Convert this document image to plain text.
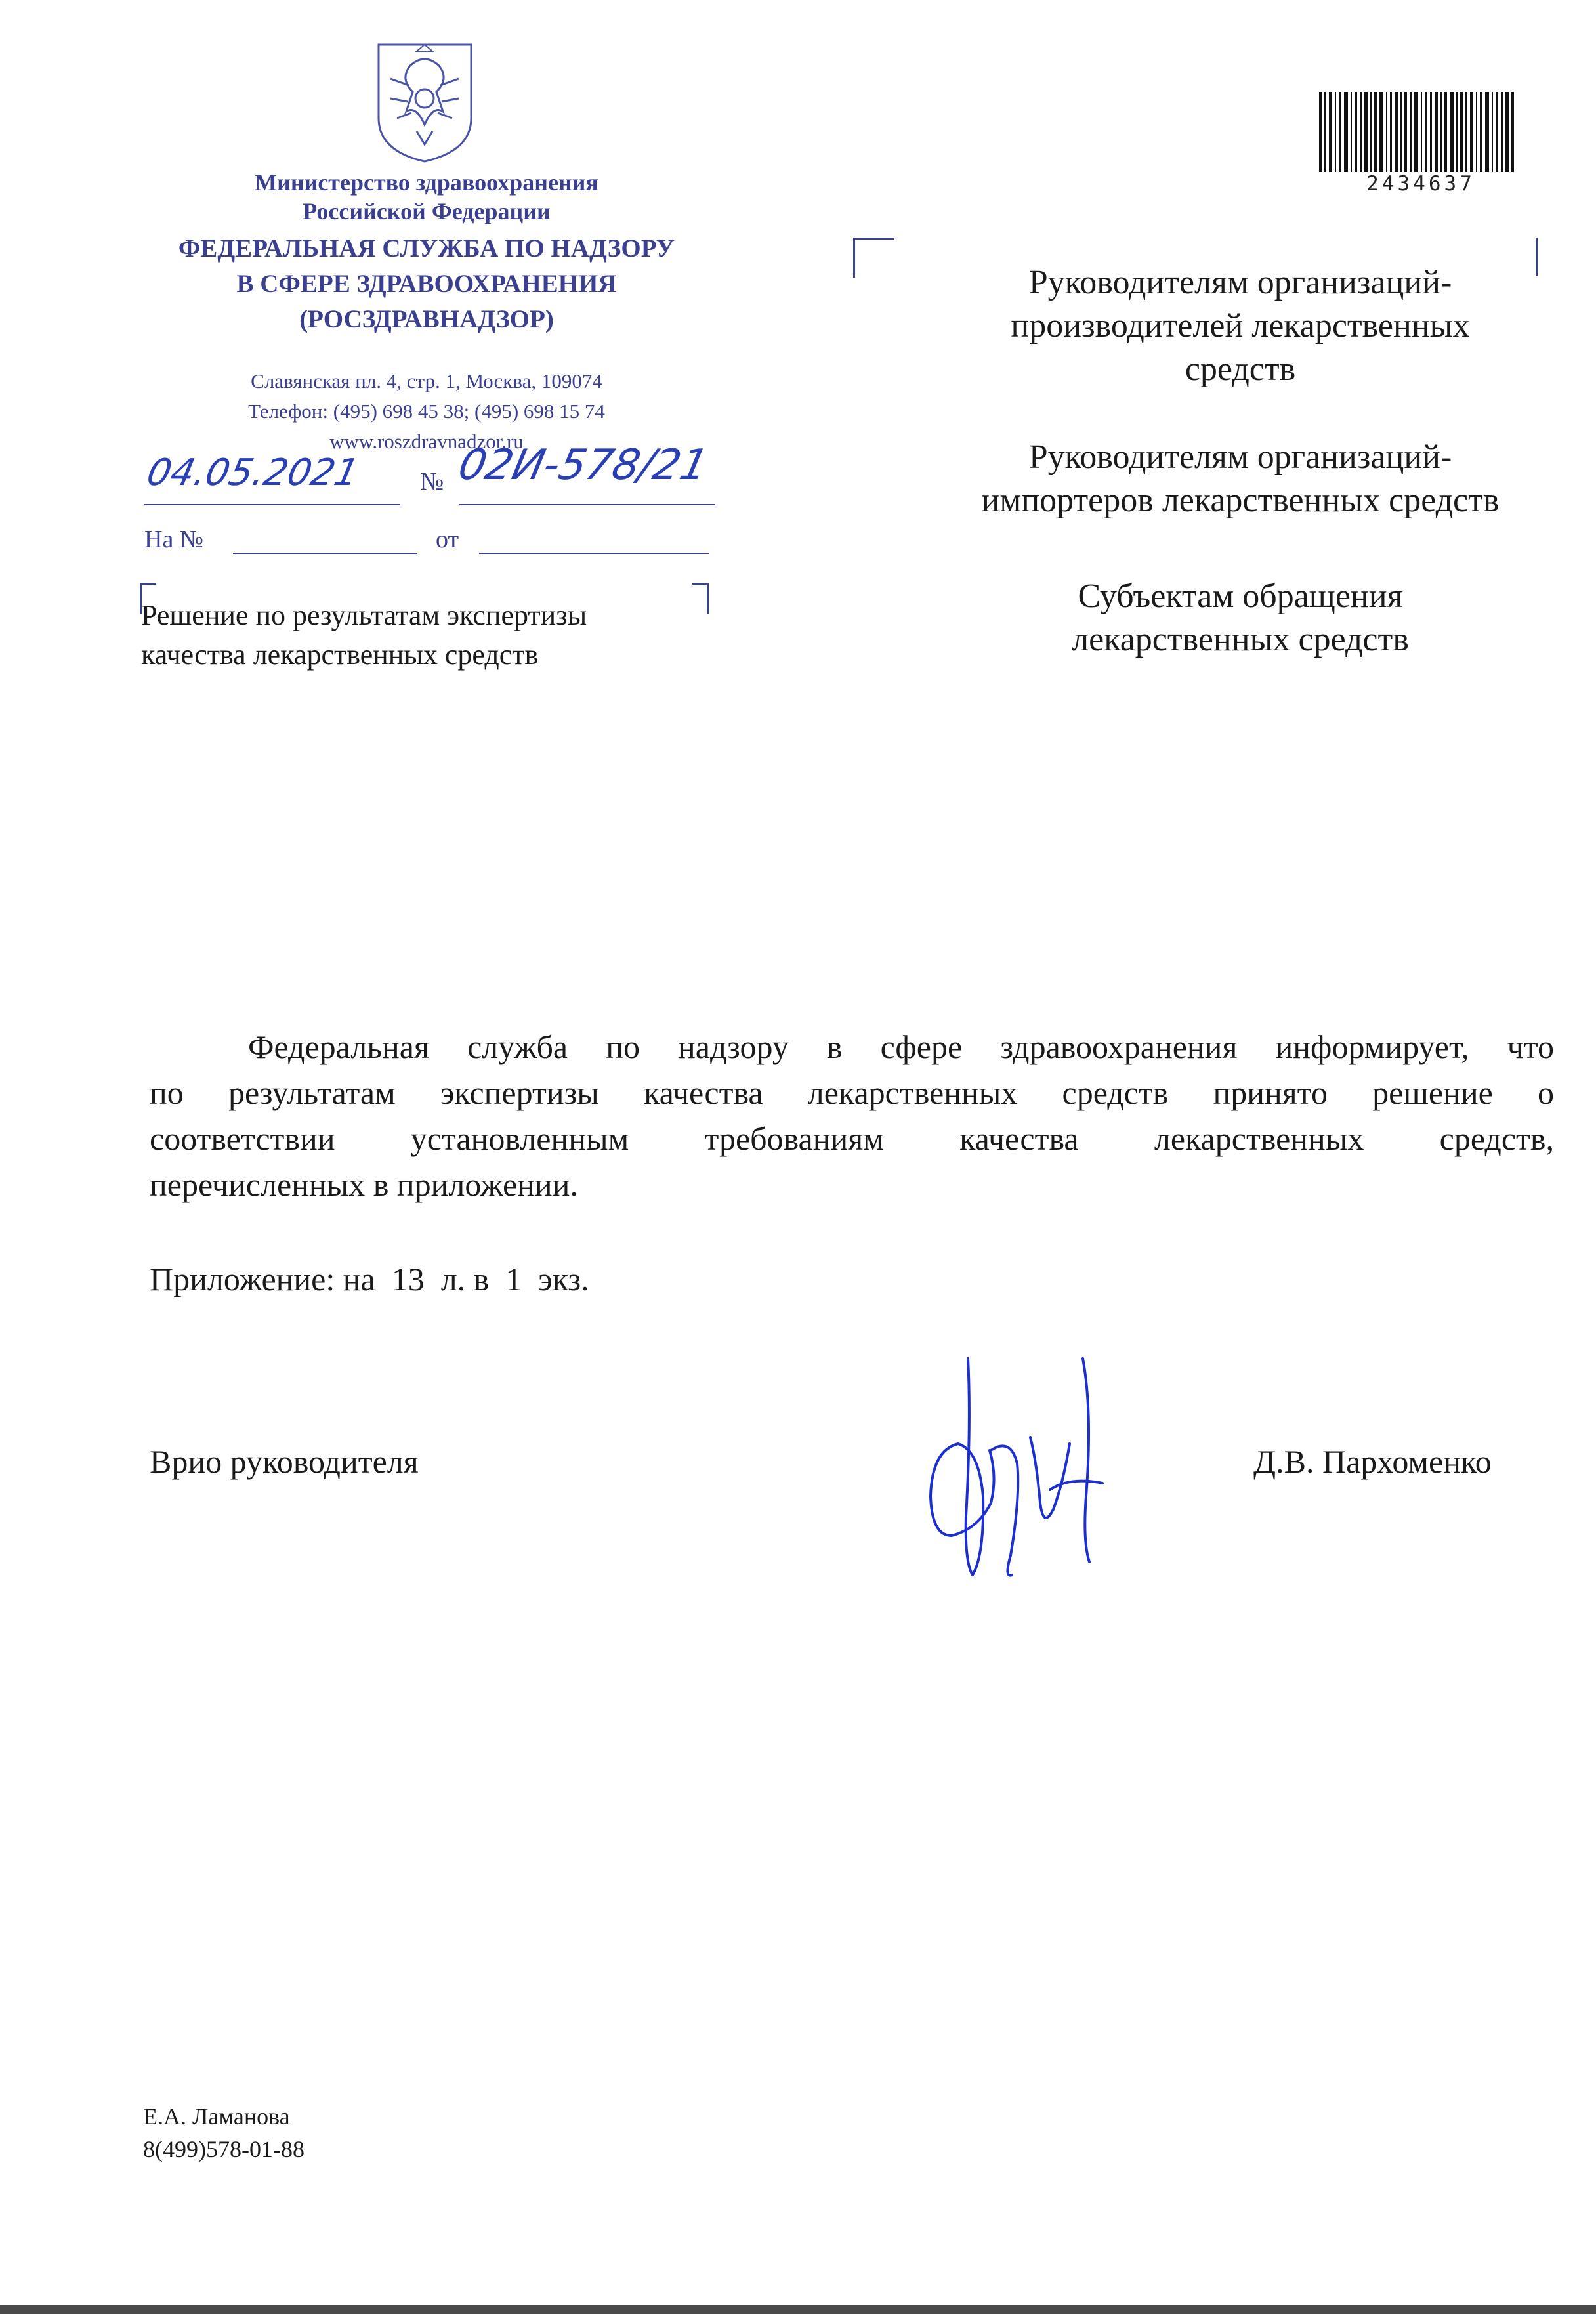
Министерство здравоохранения
Российской Федерации
ФЕДЕРАЛЬНАЯ СЛУЖБА ПО НАДЗОРУ
В СФЕРЕ ЗДРАВООХРАНЕНИЯ
(РОСЗДРАВНАДЗОР)
Славянская пл. 4, стр. 1, Москва, 109074
Телефон: (495) 698 45 38; (495) 698 15 74
www.roszdravnadzor.ru
04.05.2021 № 02И-578/21
На №	от
Решение по результатам экспертизы
качества лекарственных средств
2434637
Руководителям организаций-
производителей лекарственных
средств
Руководителям организаций-
импортеров лекарственных средств
Субъектам обращения
лекарственных средств
Федеральная служба по надзору в сфере здравоохранения информирует, что
по результатам экспертизы качества лекарственных средств принято решение о
соответствии установленным требованиям качества лекарственных средств,
перечисленных в приложении.
Приложение: на  13  л. в  1  экз.
Врио руководителя	Д.В. Пархоменко
Е.А. Ламанова
8(499)578-01-88
